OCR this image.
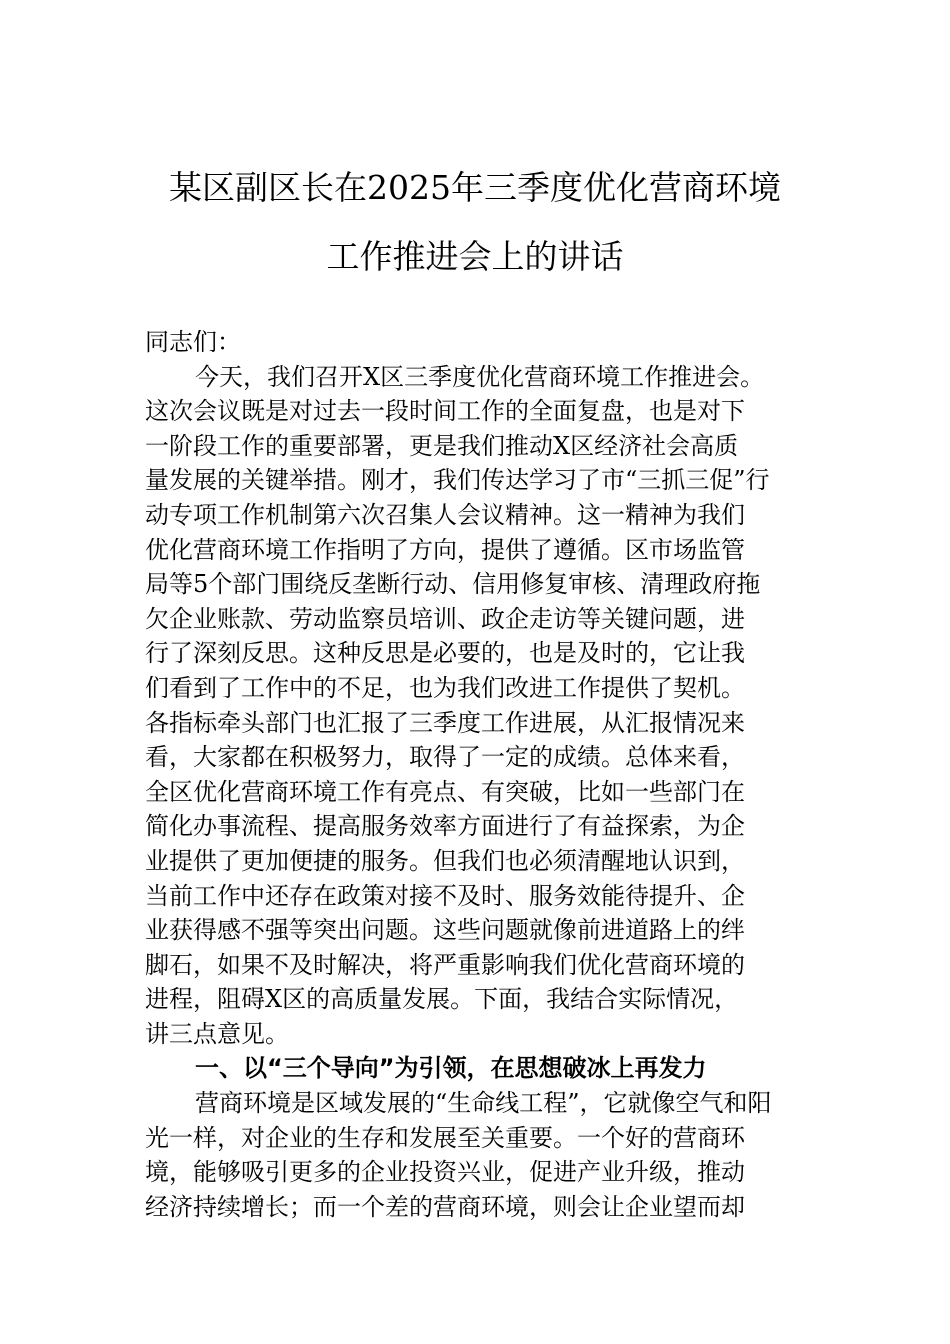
某区副区长在2025年三季度优化营商环境
工作推进会上的讲话
同志们：
今天，我们召开X区三季度优化营商环境工作推进会。
这次会议既是对过去一段时间工作的全面复盘，也是对下
一阶段工作的重要部署，更是我们推动X区经济社会高质
量发展的关键举措。刚才，我们传达学习了市“三抓三促”行
动专项工作机制第六次召集人会议精神。这一精神为我们
优化营商环境工作指明了方向，提供了遵循。区市场监管
局等5个部门围绕反垄断行动、信用修复审核、清理政府拖
欠企业账款、劳动监察员培训、政企走访等关键问题，进
行了深刻反思。这种反思是必要的，也是及时的，它让我
们看到了工作中的不足，也为我们改进工作提供了契机。
各指标牵头部门也汇报了三季度工作进展，从汇报情况来
看，大家都在积极努力，取得了一定的成绩。总体来看，
全区优化营商环境工作有亮点、有突破，比如一些部门在
简化办事流程、提高服务效率方面进行了有益探索，为企
业提供了更加便捷的服务。但我们也必须清醒地认识到，
当前工作中还存在政策对接不及时、服务效能待提升、企
业获得感不强等突出问题。这些问题就像前进道路上的绊
脚石，如果不及时解决，将严重影响我们优化营商环境的
进程，阻碍X区的高质量发展。下面，我结合实际情况，
讲三点意见。
一、以“三个导向”为引领，在思想破冰上再发力
营商环境是区域发展的“生命线工程”，它就像空气和阳
光一样，对企业的生存和发展至关重要。一个好的营商环
境，能够吸引更多的企业投资兴业，促进产业升级，推动
经济持续增长；而一个差的营商环境，则会让企业望而却
